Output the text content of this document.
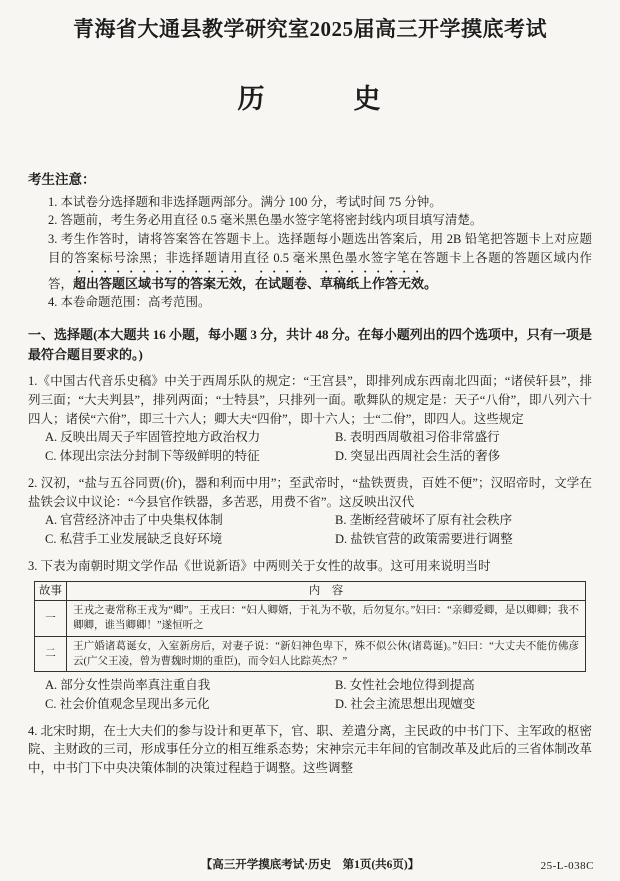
青海省大通县教学研究室2025届高三开学摸底考试
历　　　史
考生注意：
1. 本试卷分选择题和非选择题两部分。满分 100 分，考试时间 75 分钟。
2. 答题前，考生务必用直径 0.5 毫米黑色墨水签字笔将密封线内项目填写清楚。
3. 考生作答时，请将答案答在答题卡上。选择题每小题选出答案后，用 2B 铅笔把答题卡上对应题目的答案标号涂黑；非选择题请用直径 0.5 毫米黑色墨水签字笔在答题卡上各题的答题区域内作答，超出答题区域书写的答案无效，在试题卷、草稿纸上作答无效。
4. 本卷命题范围：高考范围。
一、选择题(本大题共 16 小题，每小题 3 分，共计 48 分。在每小题列出的四个选项中，只有一项是最符合题目要求的。)
1.《中国古代音乐史稿》中关于西周乐队的规定：“王宫县”，即排列成东西南北四面；“诸侯轩县”，排列三面；“大夫判县”，排列两面；“士特县”，只排列一面。歌舞队的规定是：天子“八佾”，即八列六十四人；诸侯“六佾”，即三十六人；卿大夫“四佾”，即十六人；士“二佾”，即四人。这些规定
A. 反映出周天子牢固管控地方政治权力	B. 表明西周敬祖习俗非常盛行
C. 体现出宗法分封制下等级鲜明的特征	D. 突显出西周社会生活的奢侈
2. 汉初，“盐与五谷同贾(价)，器和利而中用”；至武帝时，“盐铁贾贵，百姓不便”；汉昭帝时，文学在盐铁会议中议论：“今县官作铁器，多苦恶，用费不省”。这反映出汉代
A. 官营经济冲击了中央集权体制	B. 垄断经营破坏了原有社会秩序
C. 私营手工业发展缺乏良好环境	D. 盐铁官营的政策需要进行调整
3. 下表为南朝时期文学作品《世说新语》中两则关于女性的故事。这可用来说明当时
故事	内　容
一	王戎之妻常称王戎为“卿”。王戎曰：“妇人卿婿，于礼为不敬，后勿复尔。”妇曰：“亲卿爱卿，是以卿卿；我不卿卿，谁当卿卿！”遂恒听之
二	王广婚诸葛诞女，入室新房后，对妻子说：“新妇神色卑下，殊不似公休(诸葛诞)。”妇曰：“大丈夫不能仿佛彦云(广父王凌，曾为曹魏时期的重臣)，而令妇人比踪英杰？”
A. 部分女性崇尚率真注重自我	B. 女性社会地位得到提高
C. 社会价值观念呈现出多元化	D. 社会主流思想出现嬗变
4. 北宋时期，在士大夫们的参与设计和更革下，官、职、差遣分离，主民政的中书门下、主军政的枢密院、主财政的三司，形成事任分立的相互维系态势；宋神宗元丰年间的官制改革及此后的三省体制改革中，中书门下中央决策体制的决策过程趋于调整。这些调整
【高三开学摸底考试·历史　第1页(共6页)】	25-L-038C
